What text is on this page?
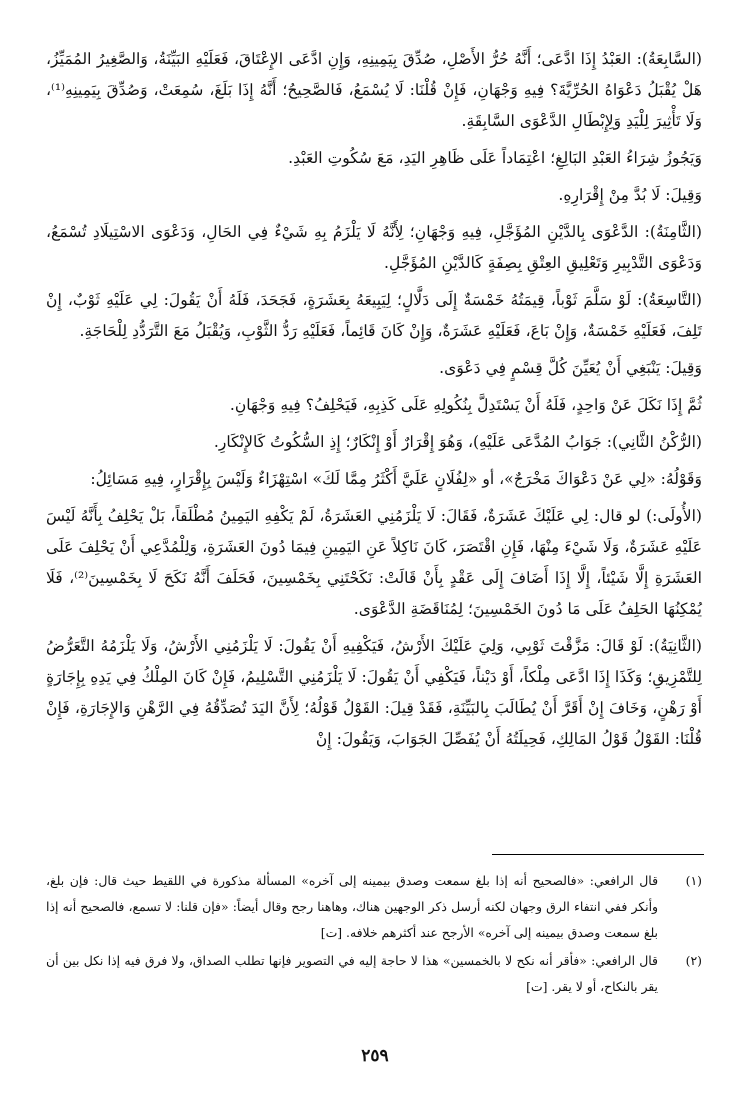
(السَّابِعَةُ): العَبْدُ إِذَا ادَّعَى؛ أَنَّهُ حُرُّ الأَصْلِ، صُدِّقَ بِيَمِينِهِ، وَإِنِ ادَّعَى الإِعْتَاقَ، فَعَلَيْهِ البَيِّنَةُ، وَالصَّغِيرُ المُمَيِّزُ، هَلْ يُقْبَلُ دَعْوَاهُ الحُرِّيَّةَ؟ فِيهِ وَجْهَانِ، فَإِنْ قُلْنَا: لَا يُسْمَعُ، فَالصَّحِيحُ؛ أَنَّهُ إِذَا بَلَغَ، سُمِعَتْ، وَصُدِّقَ بِيَمِينِهِ⁽¹⁾، وَلَا تَأْثِيرَ لِلْيَدِ وَلِإِبْطَالِ الدَّعْوَى السَّابِقَةِ.

وَيَجُوزُ شِرَاءُ العَبْدِ البَالِغِ؛ اعْتِمَاداً عَلَى ظَاهِرِ اليَدِ، مَعَ سُكُوتِ العَبْدِ.

وَقِيلَ: لَا بُدَّ مِنْ إِقْرَارِهِ.

(الثَّامِنَةُ): الدَّعْوَى بِالدَّيْنِ المُؤَجَّلِ، فِيهِ وَجْهَانِ؛ لِأَنَّهُ لَا يَلْزَمُ بِهِ شَيْءٌ فِي الحَالِ، وَدَعْوَى الاسْتِيلَادِ تُسْمَعُ، وَدَعْوَى التَّدْبِيرِ وَتَعْلِيقِ العِتْقِ بِصِفَةٍ كَالدَّيْنِ المُؤَجَّلِ.

(التَّاسِعَةُ): لَوْ سَلَّمَ ثَوْباً، قِيمَتُهُ خَمْسَةٌ إِلَى دَلَّالٍ؛ لِيَبِيعَهُ بِعَشَرَةٍ، فَجَحَدَ، فَلَهُ أَنْ يَقُولَ: لِي عَلَيْهِ ثَوْبٌ، إِنْ تَلِفَ، فَعَلَيْهِ خَمْسَةٌ، وَإِنْ بَاعَ، فَعَلَيْهِ عَشَرَةٌ، وَإِنْ كَانَ قَائِماً، فَعَلَيْهِ رَدُّ الثَّوْبِ، وَيُقْبَلُ مَعَ التَّرَدُّدِ لِلْحَاجَةِ.

وَقِيلَ: يَنْبَغِي أَنْ يُعَيِّنَ كُلَّ قِسْمٍ فِي دَعْوَى.

ثُمَّ إِذَا نَكَلَ عَنْ وَاحِدٍ، فَلَهُ أَنْ يَسْتَدِلَّ بِنُكُولِهِ عَلَى كَذِبِهِ، فَيَحْلِفُ؟ فِيهِ وَجْهَانِ.

(الرُّكْنُ الثَّانِي): جَوَابُ المُدَّعَى عَلَيْهِ)، وَهُوَ إِقْرَارٌ أَوْ إِنْكَارٌ؛ إِذِ السُّكُوتُ كَالإِنْكَارِ.

وَقَوْلُهُ: «لِي عَنْ دَعْوَاكَ مَخْرَجٌ»، أو «لِفُلَانٍ عَلَيَّ أَكْثَرُ مِمَّا لَكَ» اسْتِهْزَاءٌ وَلَيْسَ بِإِقْرَارٍ، فِيهِ مَسَائِلُ:

(الأُولَى:) لو قال: لِي عَلَيْكَ عَشَرَةٌ، فَقَالَ: لَا يَلْزَمُنِي العَشَرَةُ، لَمْ يَكْفِهِ اليَمِينُ مُطْلَقاً، بَلْ يَحْلِفُ بِأَنَّهُ لَيْسَ عَلَيْهِ عَشَرَةٌ، وَلَا شَيْءَ مِنْهَا، فَإِنِ اقْتَصَرَ، كَانَ نَاكِلاً عَنِ اليَمِينِ فِيمَا دُونَ العَشَرَةِ، وَلِلْمُدَّعِي أَنْ يَحْلِفَ عَلَى العَشَرَةِ إِلَّا شَيْئاً، إِلَّا إِذَا أَضَافَ إِلَى عَقْدٍ بِأَنْ قَالَتْ: نَكَحْتَنِي بِخَمْسِينَ، فَحَلَفَ أَنَّهُ نَكَحَ لَا بِخَمْسِينَ⁽²⁾، فَلَا يُمْكِنُهَا الحَلِفُ عَلَى مَا دُونَ الخَمْسِينَ؛ لِمُنَاقَضَةِ الدَّعْوَى.

(الثَّانِيَةُ): لَوْ قَالَ: مَزَّقْتَ ثَوْبِي، وَلِيَ عَلَيْكَ الأَرْشُ، فَيَكْفِيهِ أَنْ يَقُولَ: لَا يَلْزَمُنِي الأَرْشُ، وَلَا يَلْزَمُهُ التَّعَرُّضُ لِلتَّمْزِيقِ؛ وَكَذَا إِذَا ادَّعَى مِلْكاً، أَوْ دَيْناً، فَيَكْفِي أَنْ يَقُولَ: لَا يَلْزَمُنِي التَّسْلِيمُ، فَإِنْ كَانَ المِلْكُ فِي يَدِهِ بِإِجَارَةٍ أَوْ رَهْنٍ، وَخَافَ إِنْ أَقَرَّ أَنْ يُطَالَبَ بِالبَيِّنَةِ، فَقَدْ قِيلَ: القَوْلُ قَوْلُهُ؛ لِأَنَّ اليَدَ تُصَدِّقُهُ فِي الرَّهْنِ وَالإِجَارَةِ، فَإِنْ قُلْنَا: القَوْلُ قَوْلُ المَالِكِ، فَحِيلَتُهُ أَنْ يُفَصِّلَ الجَوَابَ، وَيَقُولَ: إِنْ

(١)
قال الرافعي: «فالصحيح أنه إذا بلغ سمعت وصدق بيمينه إلى آخره» المسألة مذكورة في اللقيط حيث قال: فإن بلغ، وأنكر ففي انتفاء الرق وجهان لكنه أرسل ذكر الوجهين هناك، وهاهنا رجح وقال أيضاً: «فإن قلنا: لا تسمع، فالصحيح أنه إذا بلغ سمعت وصدق بيمينه إلى آخره» الأرجح عند أكثرهم خلافه. [ت]
(٢)
قال الرافعي: «فأقر أنه نكح لا بالخمسين» هذا لا حاجة إليه في التصوير فإنها تطلب الصداق، ولا فرق فيه إذا نكل بين أن يقر بالنكاح، أو لا يقر. [ت]
٢٥٩
